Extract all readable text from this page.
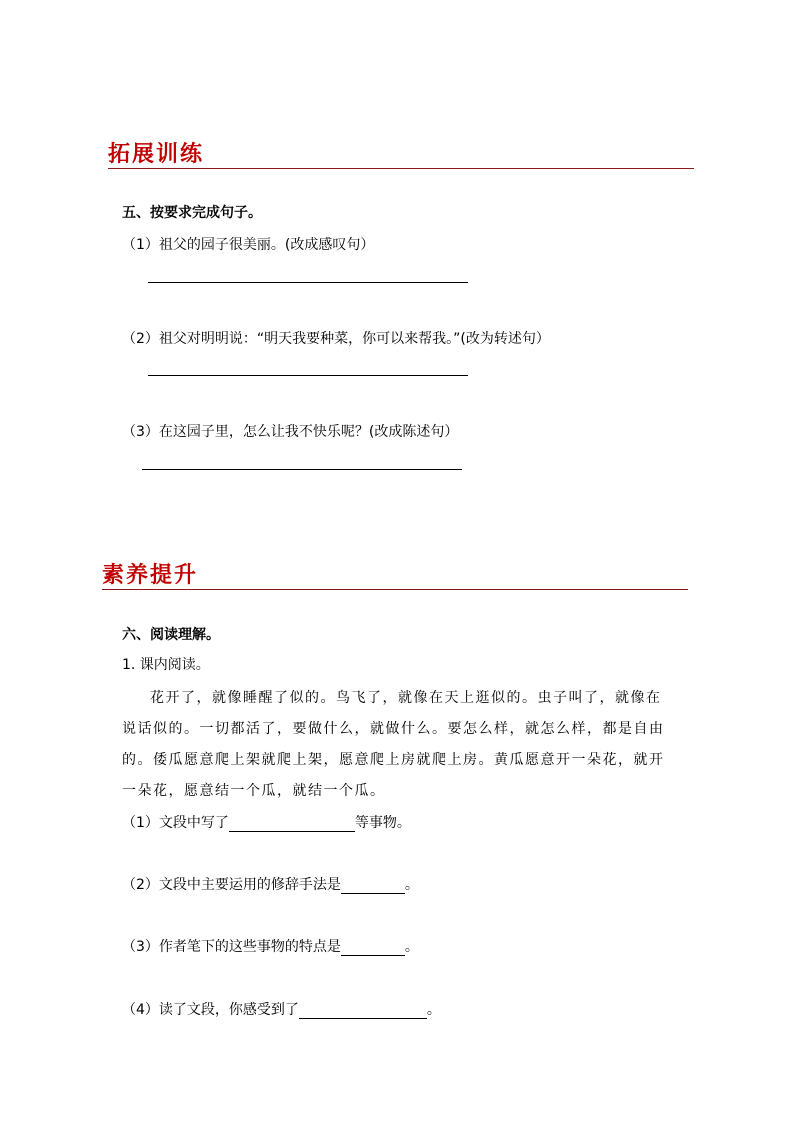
拓展训练
五、按要求完成句子。
（1）祖父的园子很美丽。(改成感叹句）
（2）祖父对明明说：“明天我要种菜，你可以来帮我。”(改为转述句）
（3）在这园子里，怎么让我不快乐呢？(改成陈述句）
素养提升
六、阅读理解。
1. 课内阅读。
花开了，就像睡醒了似的。鸟飞了，就像在天上逛似的。虫子叫了，就像在说话似的。一切都活了，要做什么，就做什么。要怎么样，就怎么样，都是自由的。倭瓜愿意爬上架就爬上架，愿意爬上房就爬上房。黄瓜愿意开一朵花，就开一朵花，愿意结一个瓜，就结一个瓜。
（1）文段中写了	等事物。
（2）文段中主要运用的修辞手法是	。
（3）作者笔下的这些事物的特点是	。
（4）读了文段，你感受到了	。
